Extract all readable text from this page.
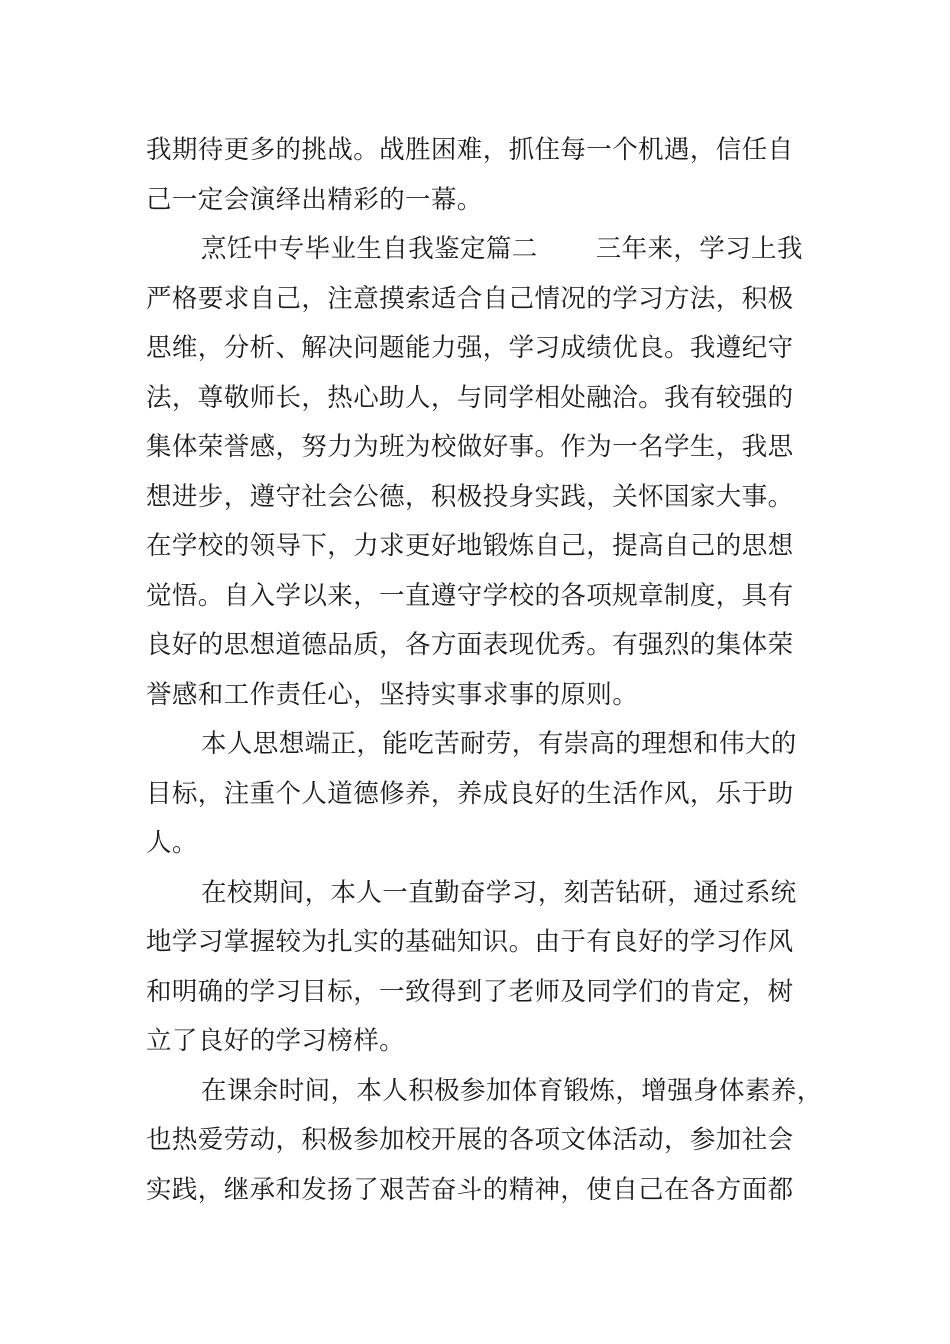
我期待更多的挑战。战胜困难，抓住每一个机遇，信任自
己一定会演绎出精彩的一幕。
烹饪中专毕业生自我鉴定篇二 三年来，学习上我
严格要求自己，注意摸索适合自己情况的学习方法，积极
思维，分析、解决问题能力强，学习成绩优良。我遵纪守
法，尊敬师长，热心助人，与同学相处融洽。我有较强的
集体荣誉感，努力为班为校做好事。作为一名学生，我思
想进步，遵守社会公德，积极投身实践，关怀国家大事。
在学校的领导下，力求更好地锻炼自己，提高自己的思想
觉悟。自入学以来，一直遵守学校的各项规章制度，具有
良好的思想道德品质，各方面表现优秀。有强烈的集体荣
誉感和工作责任心，坚持实事求事的原则。
本人思想端正，能吃苦耐劳，有崇高的理想和伟大的
目标，注重个人道德修养，养成良好的生活作风，乐于助
人。
在校期间，本人一直勤奋学习，刻苦钻研，通过系统
地学习掌握较为扎实的基础知识。由于有良好的学习作风
和明确的学习目标，一致得到了老师及同学们的肯定，树
立了良好的学习榜样。
在课余时间，本人积极参加体育锻炼，增强身体素养，
也热爱劳动，积极参加校开展的各项文体活动，参加社会
实践，继承和发扬了艰苦奋斗的精神，使自己在各方面都
